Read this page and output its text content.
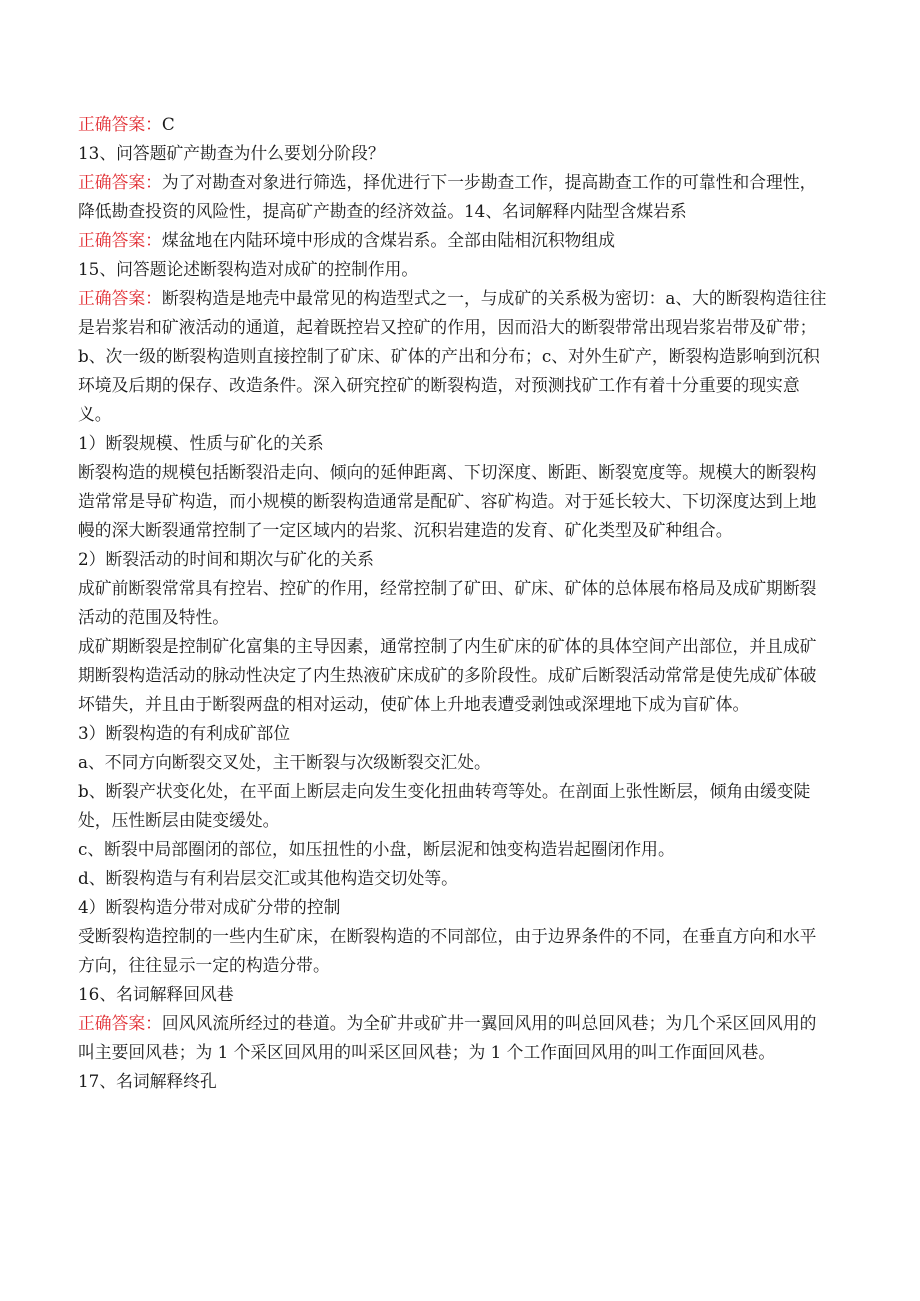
正确答案：C
13、问答题矿产勘查为什么要划分阶段？
正确答案：为了对勘查对象进行筛选，择优进行下一步勘查工作，提高勘查工作的可靠性和合理性，降低勘查投资的风险性，提高矿产勘查的经济效益。14、名词解释内陆型含煤岩系
正确答案：煤盆地在内陆环境中形成的含煤岩系。全部由陆相沉积物组成
15、问答题论述断裂构造对成矿的控制作用。
正确答案：断裂构造是地壳中最常见的构造型式之一，与成矿的关系极为密切：a、大的断裂构造往往是岩浆岩和矿液活动的通道，起着既控岩又控矿的作用，因而沿大的断裂带常出现岩浆岩带及矿带；b、次一级的断裂构造则直接控制了矿床、矿体的产出和分布；c、对外生矿产，断裂构造影响到沉积环境及后期的保存、改造条件。深入研究控矿的断裂构造，对预测找矿工作有着十分重要的现实意义。
1）断裂规模、性质与矿化的关系
断裂构造的规模包括断裂沿走向、倾向的延伸距离、下切深度、断距、断裂宽度等。规模大的断裂构造常常是导矿构造，而小规模的断裂构造通常是配矿、容矿构造。对于延长较大、下切深度达到上地幔的深大断裂通常控制了一定区域内的岩浆、沉积岩建造的发育、矿化类型及矿种组合。
2）断裂活动的时间和期次与矿化的关系
成矿前断裂常常具有控岩、控矿的作用，经常控制了矿田、矿床、矿体的总体展布格局及成矿期断裂活动的范围及特性。
成矿期断裂是控制矿化富集的主导因素，通常控制了内生矿床的矿体的具体空间产出部位，并且成矿期断裂构造活动的脉动性决定了内生热液矿床成矿的多阶段性。成矿后断裂活动常常是使先成矿体破坏错失，并且由于断裂两盘的相对运动，使矿体上升地表遭受剥蚀或深埋地下成为盲矿体。
3）断裂构造的有利成矿部位
a、不同方向断裂交叉处，主干断裂与次级断裂交汇处。
b、断裂产状变化处，在平面上断层走向发生变化扭曲转弯等处。在剖面上张性断层，倾角由缓变陡处，压性断层由陡变缓处。
c、断裂中局部圈闭的部位，如压扭性的小盘，断层泥和蚀变构造岩起圈闭作用。
d、断裂构造与有利岩层交汇或其他构造交切处等。
4）断裂构造分带对成矿分带的控制
受断裂构造控制的一些内生矿床，在断裂构造的不同部位，由于边界条件的不同，在垂直方向和水平方向，往往显示一定的构造分带。
16、名词解释回风巷
正确答案：回风风流所经过的巷道。为全矿井或矿井一翼回风用的叫总回风巷；为几个采区回风用的叫主要回风巷；为 1 个采区回风用的叫采区回风巷；为 1 个工作面回风用的叫工作面回风巷。
17、名词解释终孔
